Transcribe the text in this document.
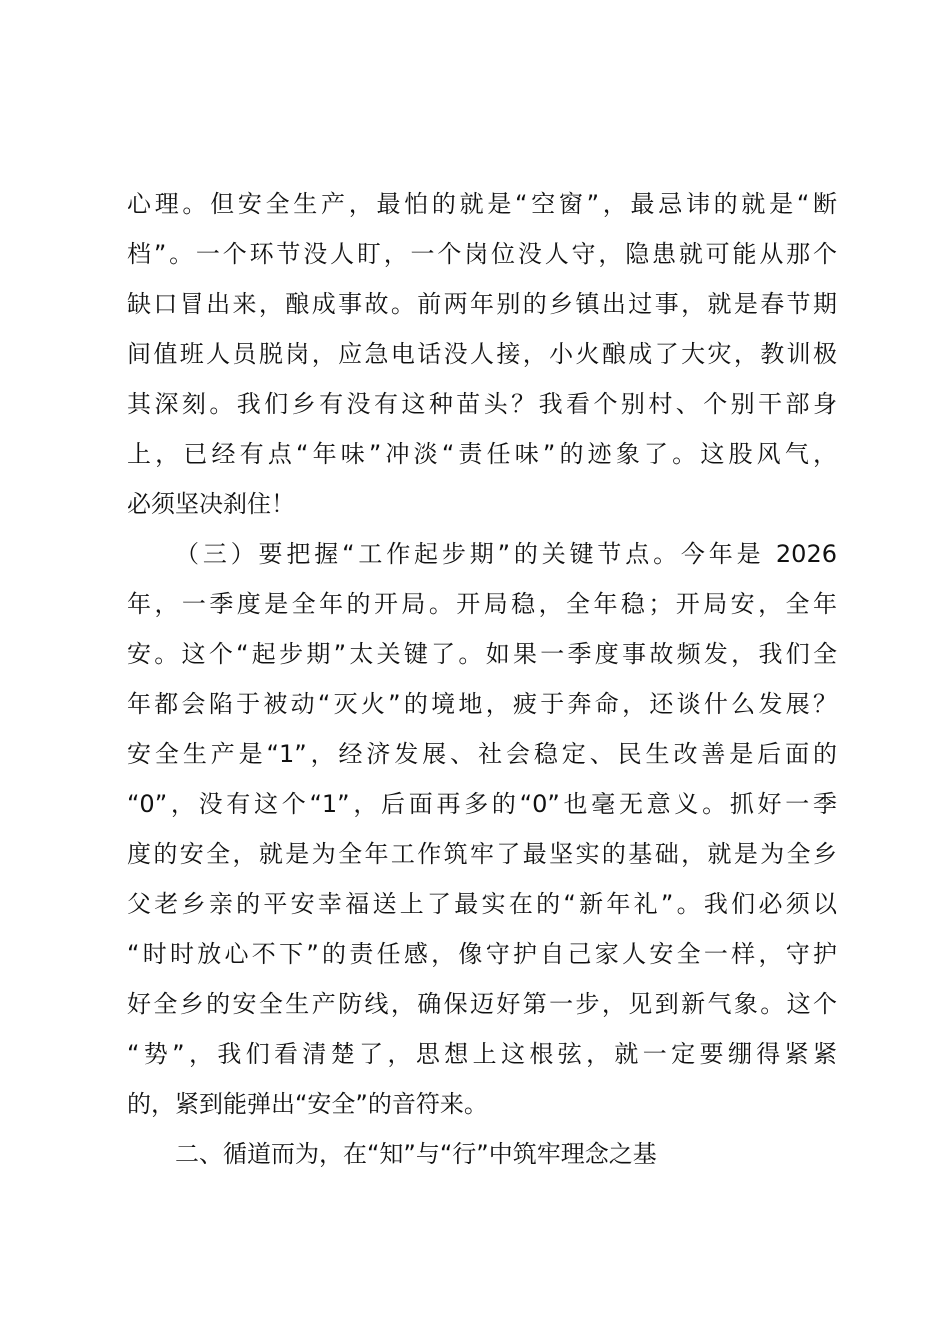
心理。但安全生产，最怕的就是“空窗”，最忌讳的就是“断
档”。一个环节没人盯，一个岗位没人守，隐患就可能从那个
缺口冒出来，酿成事故。前两年别的乡镇出过事，就是春节期
间值班人员脱岗，应急电话没人接，小火酿成了大灾，教训极
其深刻。我们乡有没有这种苗头？我看个别村、个别干部身
上，已经有点“年味”冲淡“责任味”的迹象了。这股风气，
必须坚决刹住！
（三）要把握“工作起步期”的关键节点。今年是 2026
年，一季度是全年的开局。开局稳，全年稳；开局安，全年
安。这个“起步期”太关键了。如果一季度事故频发，我们全
年都会陷于被动“灭火”的境地，疲于奔命，还谈什么发展？
安全生产是“1”，经济发展、社会稳定、民生改善是后面的
“0”，没有这个“1”，后面再多的“0”也毫无意义。抓好一季
度的安全，就是为全年工作筑牢了最坚实的基础，就是为全乡
父老乡亲的平安幸福送上了最实在的“新年礼”。我们必须以
“时时放心不下”的责任感，像守护自己家人安全一样，守护
好全乡的安全生产防线，确保迈好第一步，见到新气象。这个
“势”，我们看清楚了，思想上这根弦，就一定要绷得紧紧
的，紧到能弹出“安全”的音符来。
二、循道而为，在“知”与“行”中筑牢理念之基
